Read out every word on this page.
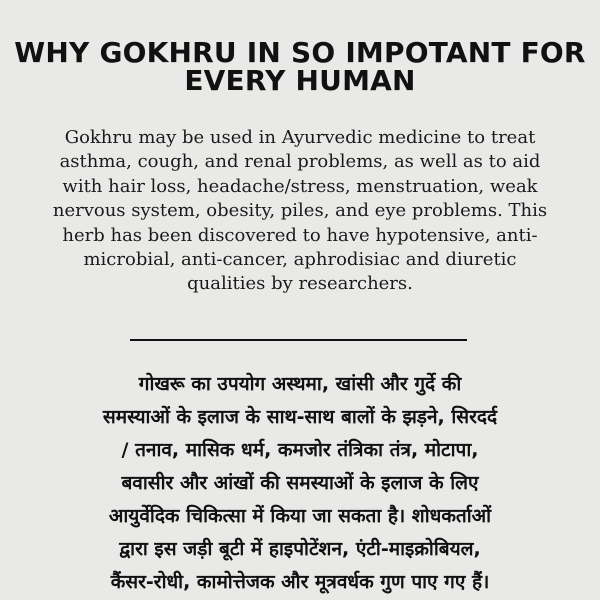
WHY GOKHRU IN SO IMPOTANT FOR
EVERY HUMAN
Gokhru may be used in Ayurvedic medicine to treat
asthma, cough, and renal problems, as well as to aid
with hair loss, headache/stress, menstruation, weak
nervous system, obesity, piles, and eye problems. This
herb has been discovered to have hypotensive, anti-
microbial, anti-cancer, aphrodisiac and diuretic
qualities by researchers.
गोखरू का उपयोग अस्थमा, खांसी और गुर्दे की
समस्याओं के इलाज के साथ-साथ बालों के झड़ने, सिरदर्द
/ तनाव, मासिक धर्म, कमजोर तंत्रिका तंत्र, मोटापा,
बवासीर और आंखों की समस्याओं के इलाज के लिए
आयुर्वेदिक चिकित्सा में किया जा सकता है। शोधकर्ताओं
द्वारा इस जड़ी बूटी में हाइपोटेंशन, एंटी-माइक्रोबियल,
कैंसर-रोधी, कामोत्तेजक और मूत्रवर्धक गुण पाए गए हैं।
